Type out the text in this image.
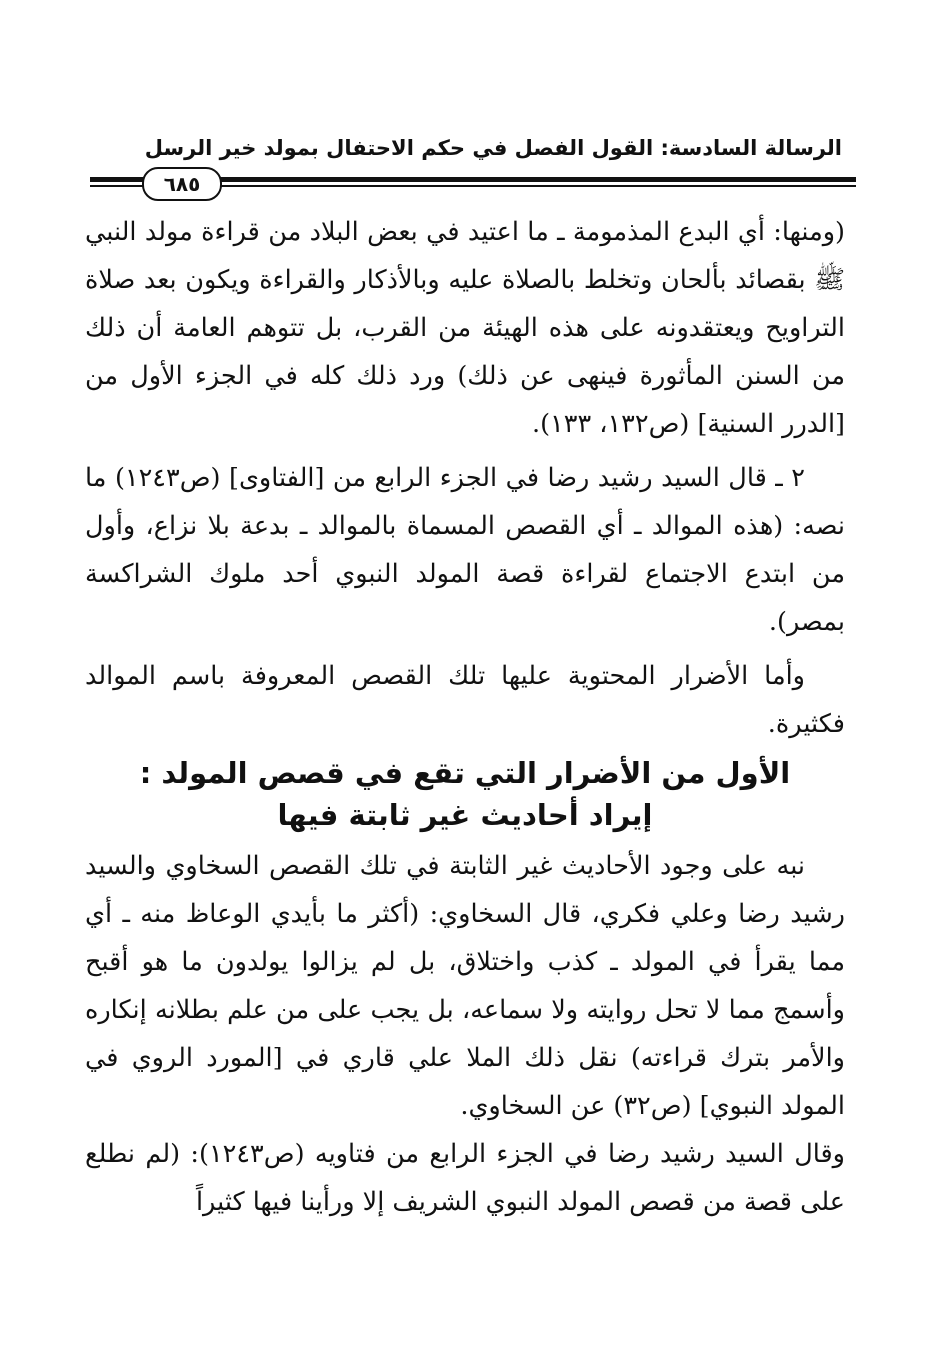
الرسالة السادسة: القول الفصل في حكم الاحتفال بمولد خير الرسل
٦٨٥

(ومنها: أي البدع المذمومة ـ ما اعتيد في بعض البلاد من قراءة مولد النبي ﷺ بقصائد بألحان وتخلط بالصلاة عليه وبالأذكار والقراءة ويكون بعد صلاة التراويح ويعتقدونه على هذه الهيئة من القرب، بل تتوهم العامة أن ذلك من السنن المأثورة فينهى عن ذلك) ورد ذلك كله في الجزء الأول من [الدرر السنية] (ص١٣٢، ١٣٣).

٢ ـ قال السيد رشيد رضا في الجزء الرابع من [الفتاوى] (ص١٢٤٣) ما نصه: (هذه الموالد ـ أي القصص المسماة بالموالد ـ بدعة بلا نزاع، وأول من ابتدع الاجتماع لقراءة قصة المولد النبوي أحد ملوك الشراكسة بمصر).

وأما الأضرار المحتوية عليها تلك القصص المعروفة باسم الموالد فكثيرة.

الأول من الأضرار التي تقع في قصص المولد :
إيراد أحاديث غير ثابتة فيها

نبه على وجود الأحاديث غير الثابتة في تلك القصص السخاوي والسيد رشيد رضا وعلي فكري، قال السخاوي: (أكثر ما بأيدي الوعاظ منه ـ أي مما يقرأ في المولد ـ كذب واختلاق، بل لم يزالوا يولدون ما هو أقبح وأسمج مما لا تحل روايته ولا سماعه، بل يجب على من علم بطلانه إنكاره والأمر بترك قراءته) نقل ذلك الملا علي قاري في [المورد الروي في المولد النبوي] (ص٣٢) عن السخاوي.

وقال السيد رشيد رضا في الجزء الرابع من فتاويه (ص١٢٤٣): (لم نطلع على قصة من قصص المولد النبوي الشريف إلا ورأينا فيها كثيراً
